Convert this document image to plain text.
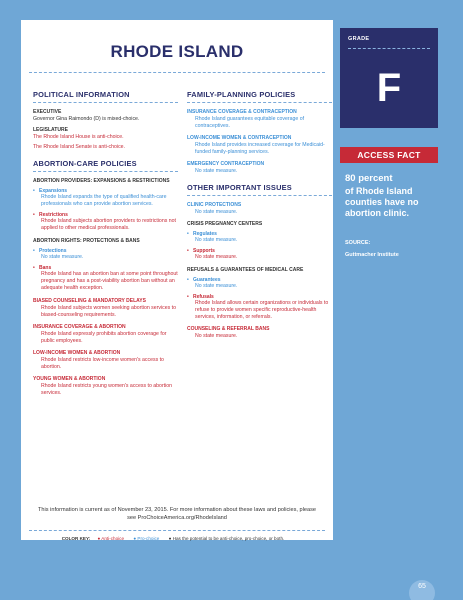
RHODE ISLAND
POLITICAL INFORMATION
EXECUTIVE
Governor Gina Raimondo (D) is mixed-choice.
LEGISLATURE
The Rhode Island House is anti-choice.
The Rhode Island Senate is anti-choice.
ABORTION-CARE POLICIES
ABORTION PROVIDERS: EXPANSIONS & RESTRICTIONS
• Expansions
Rhode Island expands the type of qualified health-care professionals who can provide abortion services.
• Restrictions
Rhode Island subjects abortion providers to restrictions not applied to other medical professionals.
ABORTION RIGHTS: PROTECTIONS & BANS
• Protections
No state measure.
• Bans
Rhode Island has an abortion ban at some point throughout pregnancy and has a post-viability abortion ban without an adequate health exception.
BIASED COUNSELING & MANDATORY DELAYS
Rhode Island subjects women seeking abortion services to biased-counseling requirements.
INSURANCE COVERAGE & ABORTION
Rhode Island expressly prohibits abortion coverage for public employees.
LOW-INCOME WOMEN & ABORTION
Rhode Island restricts low-income women's access to abortion.
YOUNG WOMEN & ABORTION
Rhode Island restricts young women's access to abortion services.
FAMILY-PLANNING POLICIES
INSURANCE COVERAGE & CONTRACEPTION
Rhode Island guarantees equitable coverage of contraceptives.
LOW-INCOME WOMEN & CONTRACEPTION
Rhode Island provides increased coverage for Medicaid-funded family-planning services.
EMERGENCY CONTRACEPTION
No state measure.
OTHER IMPORTANT ISSUES
CLINIC PROTECTIONS
No state measure.
CRISIS PREGNANCY CENTERS
• Regulates
No state measure.
• Supports
No state measure.
REFUSALS & GUARANTEES OF MEDICAL CARE
• Guarantees
No state measure.
• Refusals
Rhode Island allows certain organizations or individuals to refuse to provide women specific reproductive-health services, information, or referrals.
COUNSELING & REFERRAL BANS
No state measure.
This information is current as of November 23, 2015. For more information about these laws and policies, please see ProChoiceAmerica.org/RhodeIsland
COLOR KEY: ● Anti-choice ● Pro-choice ● Has the potential to be anti-choice, pro-choice, or both.
GRADE
F
ACCESS FACT
80 percent
of Rhode Island counties have no abortion clinic.
SOURCE:
Guttmacher Institute
65
